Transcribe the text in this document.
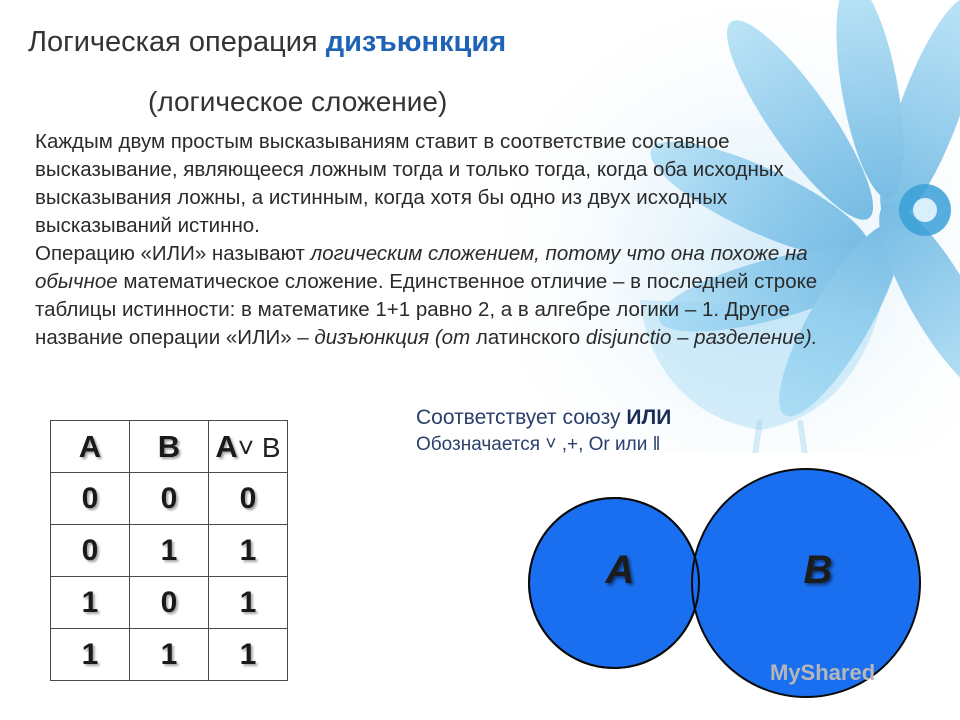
Логическая операция дизъюнкция
(логическое сложение)

Каждым двум простым высказываниям ставит в соответствие составное высказывание, являющееся ложным тогда и только тогда, когда оба исходных высказывания ложны, а истинным, когда хотя бы одно из двух исходных высказываний истинно.

Операцию «ИЛИ» называют логическим сложением, потому что она похоже на обычное математическое сложение. Единственное отличие – в последней строке таблицы истинности: в математике 1+1 равно 2, а в алгебре логики – 1. Другое название операции «ИЛИ» – дизъюнкция (от латинского disjunctio – разделение).

A	B	A˅ B
0	0	0
0	1	1
1	0	1
1	1	1
Соответствует союзу ИЛИ
Обозначается ˅ ,+, Or или ‖
A	B
MyShared
